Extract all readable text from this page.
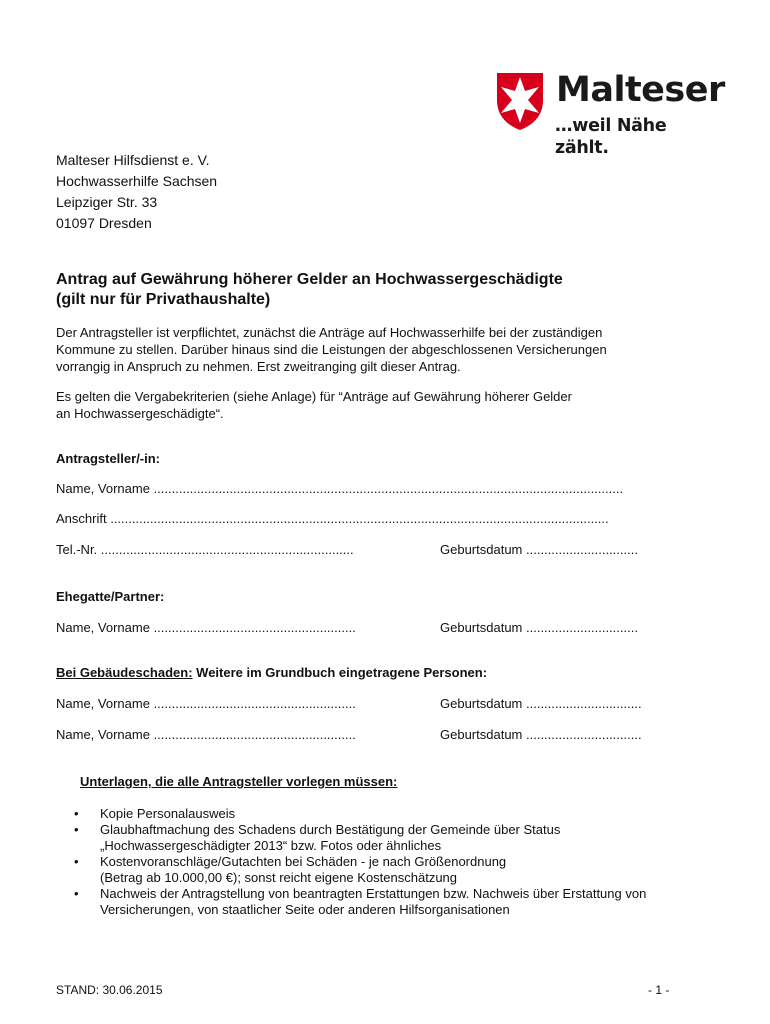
Malteser
…weil Nähe zählt.
Malteser Hilfsdienst e. V.
Hochwasserhilfe Sachsen
Leipziger Str. 33
01097 Dresden
Antrag auf Gewährung höherer Gelder an Hochwassergeschädigte
(gilt nur für Privathaushalte)
Der Antragsteller ist verpflichtet, zunächst die Anträge auf Hochwasserhilfe bei der zuständigen
Kommune zu stellen. Darüber hinaus sind die Leistungen der abgeschlossenen Versicherungen
vorrangig in Anspruch zu nehmen. Erst zweitranging gilt dieser Antrag.
Es gelten die Vergabekriterien (siehe Anlage) für “Anträge auf Gewährung höherer Gelder
an Hochwassergeschädigte“.
Antragsteller/-in:
Name, Vorname ..................................................................................................................................
Anschrift ..........................................................................................................................................
Tel.-Nr. ......................................................................	Geburtsdatum ...............................
Ehegatte/Partner:
Name, Vorname ........................................................	Geburtsdatum ...............................
Bei Gebäudeschaden: Weitere im Grundbuch eingetragene Personen:
Name, Vorname ........................................................	Geburtsdatum ................................
Name, Vorname ........................................................	Geburtsdatum ................................
Unterlagen, die alle Antragsteller vorlegen müssen:
• Kopie Personalausweis
• Glaubhaftmachung des Schadens durch Bestätigung der Gemeinde über Status
„Hochwassergeschädigter 2013“ bzw. Fotos oder ähnliches
• Kostenvoranschläge/Gutachten bei Schäden - je nach Größenordnung
(Betrag ab 10.000,00 €); sonst reicht eigene Kostenschätzung
• Nachweis der Antragstellung von beantragten Erstattungen bzw. Nachweis über Erstattung von
Versicherungen, von staatlicher Seite oder anderen Hilfsorganisationen
STAND: 30.06.2015	- 1 -
